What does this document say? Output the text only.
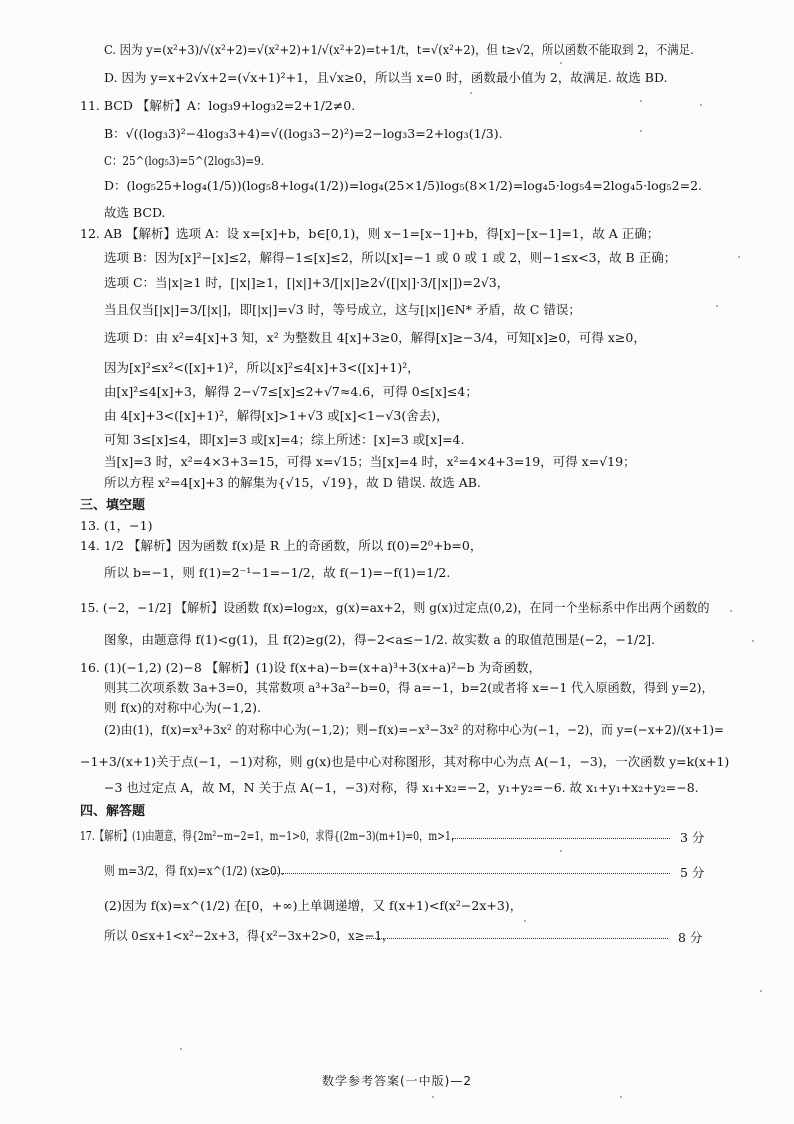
C. 因为 y=(x²+3)/√(x²+2)=√(x²+2)+1/√(x²+2)=t+1/t，t=√(x²+2)，但 t≥√2，所以函数不能取到 2，不满足.
D. 因为 y=x+2√x+2=(√x+1)²+1，且√x≥0，所以当 x=0 时，函数最小值为 2，故满足. 故选 BD.
11. BCD 【解析】A：log₃9+log₃2=2+1/2≠0.
B：√((log₃3)²−4log₃3+4)=√((log₃3−2)²)=2−log₃3=2+log₃(1/3).
C：25^(log₅3)=5^(2log₅3)=9.
D：(log₅25+log₄(1/5))(log₅8+log₄(1/2))=log₄(25×1/5)log₅(8×1/2)=log₄5·log₅4=2log₄5·log₅2=2.
故选 BCD.
12. AB 【解析】选项 A：设 x=[x]+b，b∈[0,1)，则 x−1=[x−1]+b，得[x]−[x−1]=1，故 A 正确；
选项 B：因为[x]²−[x]≤2，解得−1≤[x]≤2，所以[x]=−1 或 0 或 1 或 2，则−1≤x<3，故 B 正确；
选项 C：当|x|≥1 时，[|x|]≥1，[|x|]+3/[|x|]≥2√([|x|]·3/[|x|])=2√3，
当且仅当[|x|]=3/[|x|]，即[|x|]=√3 时，等号成立，这与[|x|]∈N* 矛盾，故 C 错误；
选项 D：由 x²=4[x]+3 知，x² 为整数且 4[x]+3≥0，解得[x]≥−3/4，可知[x]≥0，可得 x≥0，
因为[x]²≤x²<([x]+1)²，所以[x]²≤4[x]+3<([x]+1)²，
由[x]²≤4[x]+3，解得 2−√7≤[x]≤2+√7≈4.6，可得 0≤[x]≤4；
由 4[x]+3<([x]+1)²，解得[x]>1+√3 或[x]<1−√3(舍去)，
可知 3≤[x]≤4，即[x]=3 或[x]=4；综上所述：[x]=3 或[x]=4.
当[x]=3 时，x²=4×3+3=15，可得 x=√15；当[x]=4 时，x²=4×4+3=19，可得 x=√19；
所以方程 x²=4[x]+3 的解集为{√15，√19}，故 D 错误. 故选 AB.
三、填空题
13. (1，−1)
14. 1/2 【解析】因为函数 f(x)是 R 上的奇函数，所以 f(0)=2⁰+b=0，
所以 b=−1，则 f(1)=2⁻¹−1=−1/2，故 f(−1)=−f(1)=1/2.
15. (−2，−1/2] 【解析】设函数 f(x)=log₂x，g(x)=ax+2，则 g(x)过定点(0,2)，在同一个坐标系中作出两个函数的
图象，由题意得 f(1)<g(1)，且 f(2)≥g(2)，得−2<a≤−1/2. 故实数 a 的取值范围是(−2，−1/2].
16. (1)(−1,2) (2)−8 【解析】(1)设 f(x+a)−b=(x+a)³+3(x+a)²−b 为奇函数，
则其二次项系数 3a+3=0，其常数项 a³+3a²−b=0，得 a=−1，b=2(或者将 x=−1 代入原函数，得到 y=2)，
则 f(x)的对称中心为(−1,2).
(2)由(1)，f(x)=x³+3x² 的对称中心为(−1,2)；则−f(x)=−x³−3x² 的对称中心为(−1，−2)，而 y=(−x+2)/(x+1)=
−1+3/(x+1)关于点(−1，−1)对称，则 g(x)也是中心对称图形，其对称中心为点 A(−1，−3)，一次函数 y=k(x+1)
−3 也过定点 A，故 M，N 关于点 A(−1，−3)对称，得 x₁+x₂=−2，y₁+y₂=−6. 故 x₁+y₁+x₂+y₂=−8.
四、解答题
17.【解析】(1)由题意，得{2m²−m−2=1，m−1>0，求得{(2m−3)(m+1)=0，m>1，
则 m=3/2，得 f(x)=x^(1/2) (x≥0).
(2)因为 f(x)=x^(1/2) 在[0，+∞)上单调递增，又 f(x+1)<f(x²−2x+3)，
所以 0≤x+1<x²−2x+3，得{x²−3x+2>0，x≥−1，
3 分
5 分
8 分
数学参考答案(一中版)—2
